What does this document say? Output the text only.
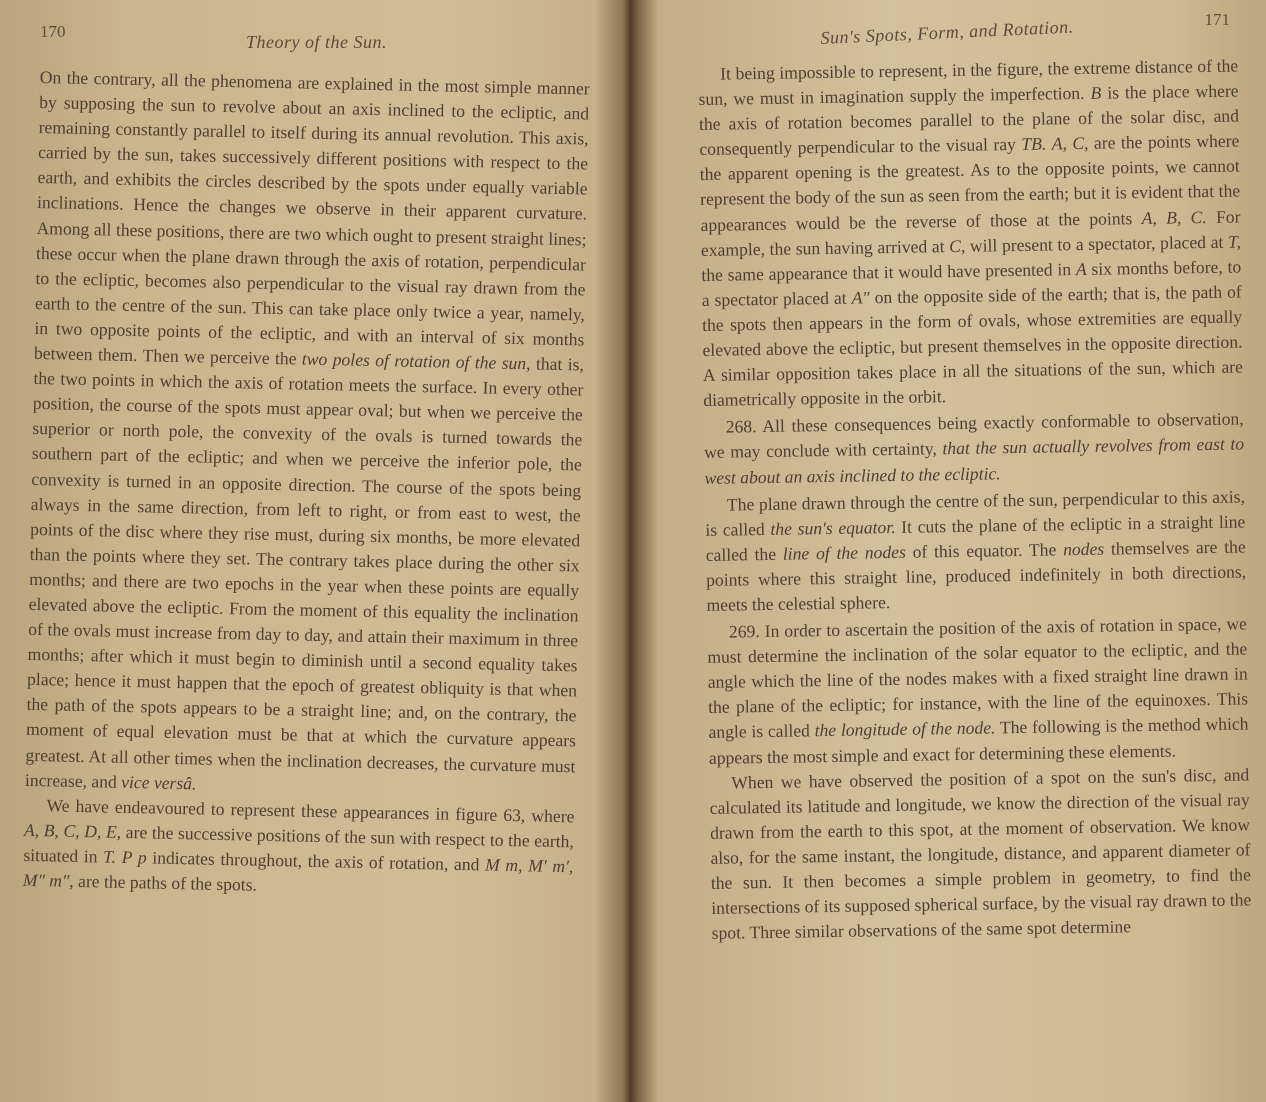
170
Theory of the Sun.

On the contrary, all the phenomena are explained in the most simple manner by supposing the sun to revolve about an axis inclined to the ecliptic, and remaining constantly parallel to itself during its annual revolution. This axis, carried by the sun, takes successively different positions with respect to the earth, and exhibits the circles described by the spots under equally variable inclinations. Hence the changes we observe in their apparent curvature. Among all these positions, there are two which ought to present straight lines; these occur when the plane drawn through the axis of rotation, perpendicular to the ecliptic, becomes also perpendicular to the visual ray drawn from the earth to the centre of the sun. This can take place only twice a year, namely, in two opposite points of the ecliptic, and with an interval of six months between them. Then we perceive the two poles of rotation of the sun, that is, the two points in which the axis of rotation meets the surface. In every other position, the course of the spots must appear oval; but when we perceive the superior or north pole, the convexity of the ovals is turned towards the southern part of the ecliptic; and when we perceive the inferior pole, the convexity is turned in an opposite direction. The course of the spots being always in the same direction, from left to right, or from east to west, the points of the disc where they rise must, during six months, be more elevated than the points where they set. The contrary takes place during the other six months; and there are two epochs in the year when these points are equally elevated above the ecliptic. From the moment of this equality the inclination of the ovals must increase from day to day, and attain their maximum in three months; after which it must begin to diminish until a second equality takes place; hence it must happen that the epoch of greatest obliquity is that when the path of the spots appears to be a straight line; and, on the contrary, the moment of equal elevation must be that at which the curvature appears greatest. At all other times when the inclination decreases, the curvature must increase, and vice versâ.

We have endeavoured to represent these appearances in figure 63, where A, B, C, D, E, are the successive positions of the sun with respect to the earth, situated in T. P p indicates throughout, the axis of rotation, and M m, M′ m′, M″ m″, are the paths of the spots.

171
Sun's Spots, Form, and Rotation.

It being impossible to represent, in the figure, the extreme distance of the sun, we must in imagination supply the imperfection. B is the place where the axis of rotation becomes parallel to the plane of the solar disc, and consequently perpendicular to the visual ray TB. A, C, are the points where the apparent opening is the greatest. As to the opposite points, we cannot represent the body of the sun as seen from the earth; but it is evident that the appearances would be the reverse of those at the points A, B, C. For example, the sun having arrived at C, will present to a spectator, placed at T, the same appearance that it would have presented in A six months before, to a spectator placed at A″ on the opposite side of the earth; that is, the path of the spots then appears in the form of ovals, whose extremities are equally elevated above the ecliptic, but present themselves in the opposite direction. A similar opposition takes place in all the situations of the sun, which are diametrically opposite in the orbit.

268. All these consequences being exactly conformable to observation, we may conclude with certainty, that the sun actually revolves from east to west about an axis inclined to the ecliptic.

The plane drawn through the centre of the sun, perpendicular to this axis, is called the sun's equator. It cuts the plane of the ecliptic in a straight line called the line of the nodes of this equator. The nodes themselves are the points where this straight line, produced indefinitely in both directions, meets the celestial sphere.

269. In order to ascertain the position of the axis of rotation in space, we must determine the inclination of the solar equator to the ecliptic, and the angle which the line of the nodes makes with a fixed straight line drawn in the plane of the ecliptic; for instance, with the line of the equinoxes. This angle is called the longitude of the node. The following is the method which appears the most simple and exact for determining these elements.

When we have observed the position of a spot on the sun's disc, and calculated its latitude and longitude, we know the direction of the visual ray drawn from the earth to this spot, at the moment of observation. We know also, for the same instant, the longitude, distance, and apparent diameter of the sun. It then becomes a simple problem in geometry, to find the intersections of its supposed spherical surface, by the visual ray drawn to the spot. Three similar observations of the same spot determine
